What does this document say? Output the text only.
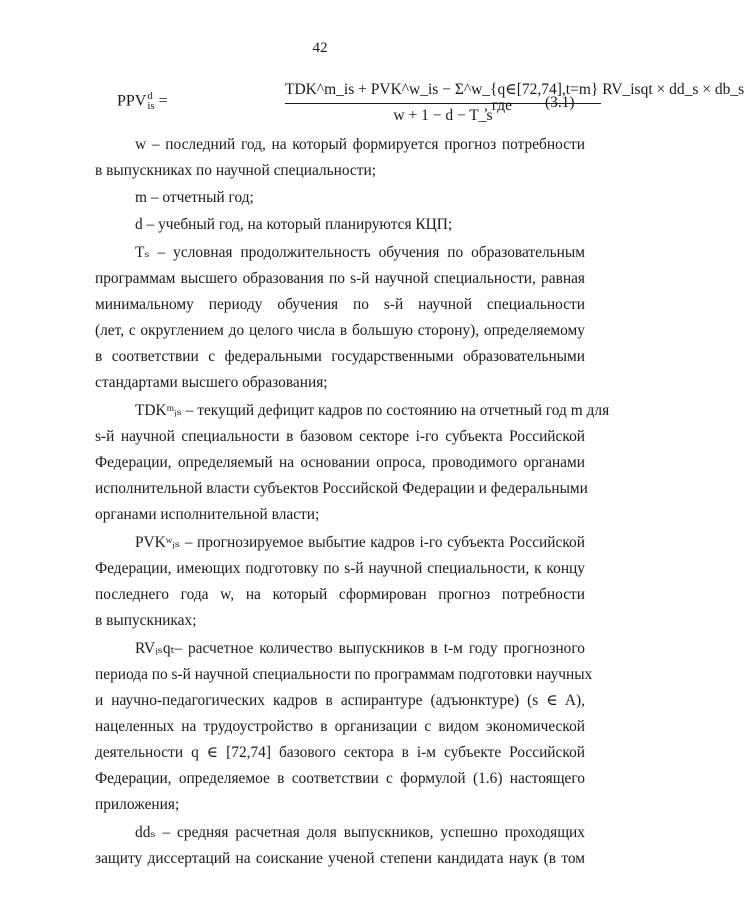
42
PPV d
is =
TDK^m_is + PVK^w_is − Σ^w_{q∈[72,74],t=m} RV_isqt × dd_s × db_s
w + 1 − d − T_s
, где (3.1)
w – последний год, на который формируется прогноз потребности
в выпускниках по научной специальности;
m – отчетный год;
d – учебный год, на который планируются КЦП;
Tₛ – условная продолжительность обучения по образовательным
программам высшего образования по s-й научной специальности, равная
минимальному периоду обучения по s-й научной специальности
(лет, с округлением до целого числа в большую сторону), определяемому
в соответствии с федеральными государственными образовательными
стандартами высшего образования;
TDKᵐᵢₛ – текущий дефицит кадров по состоянию на отчетный год m для
s-й научной специальности в базовом секторе i-го субъекта Российской
Федерации, определяемый на основании опроса, проводимого органами
исполнительной власти субъектов Российской Федерации и федеральными
органами исполнительной власти;
PVKʷᵢₛ – прогнозируемое выбытие кадров i-го субъекта Российской
Федерации, имеющих подготовку по s-й научной специальности, к концу
последнего года w, на который сформирован прогноз потребности
в выпускниках;
RVᵢₛqₜ– расчетное количество выпускников в t-м году прогнозного
периода по s-й научной специальности по программам подготовки научных
и научно-педагогических кадров в аспирантуре (адъюнктуре) (s ∈ A),
нацеленных на трудоустройство в организации с видом экономической
деятельности q ∈ [72,74] базового сектора в i-м субъекте Российской
Федерации, определяемое в соответствии с формулой (1.6) настоящего
приложения;
ddₛ – средняя расчетная доля выпускников, успешно проходящих
защиту диссертаций на соискание ученой степени кандидата наук (в том
